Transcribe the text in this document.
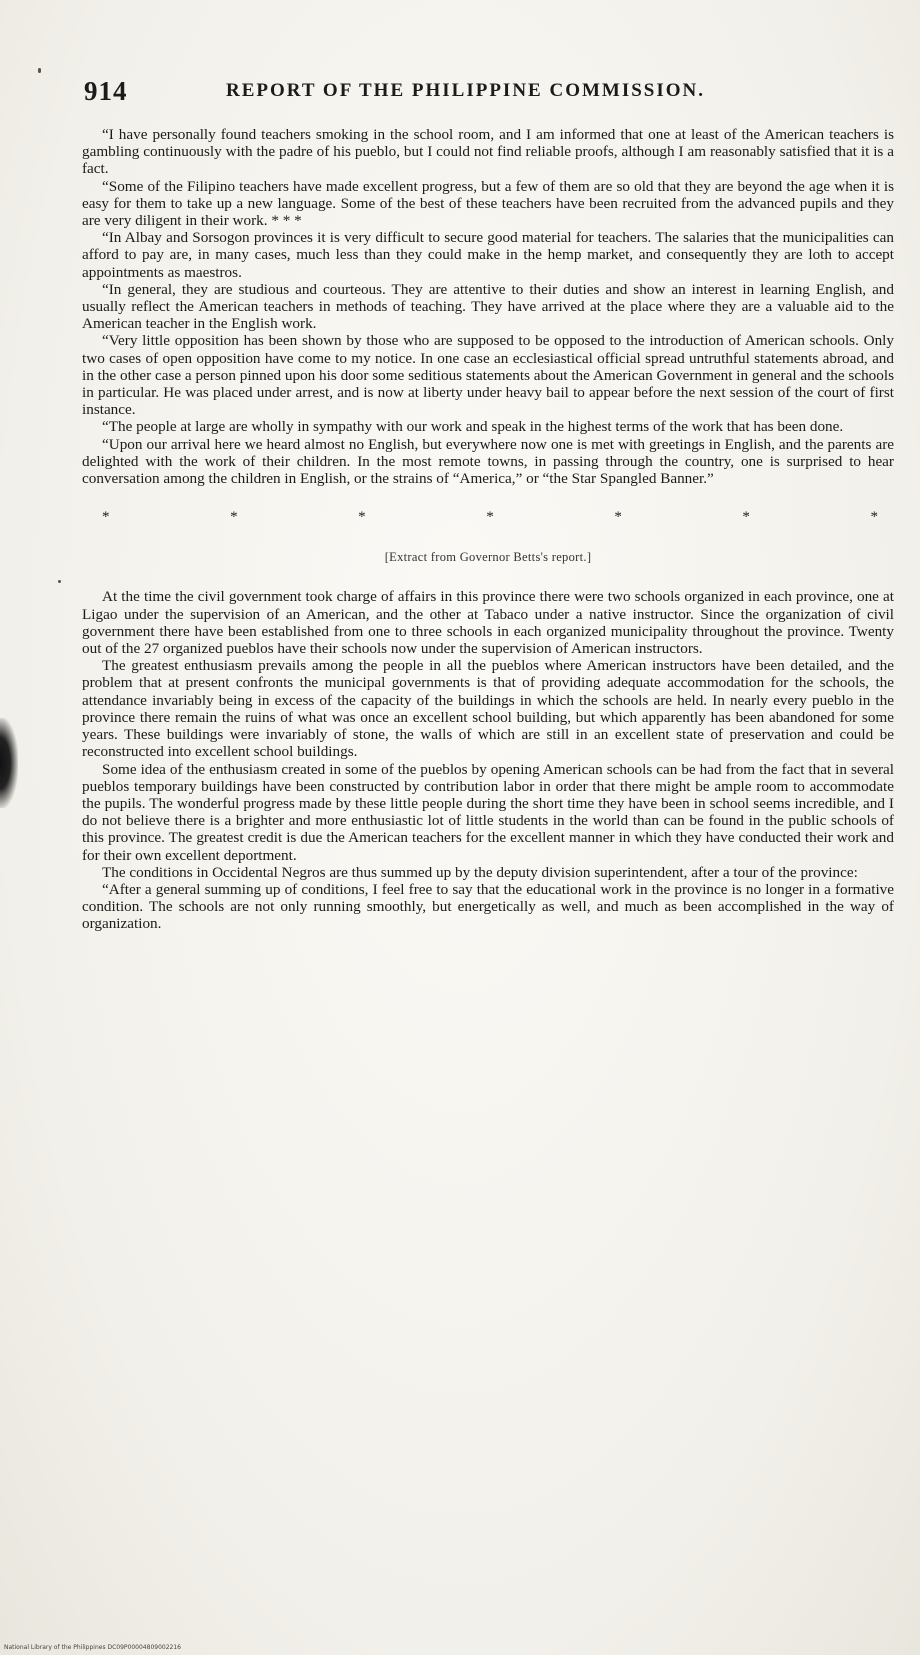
914	REPORT OF THE PHILIPPINE COMMISSION.

“I have personally found teachers smoking in the school room, and I am informed that one at least of the American teachers is gambling continuously with the padre of his pueblo, but I could not find reliable proofs, although I am reasonably satisfied that it is a fact.

“Some of the Filipino teachers have made excellent progress, but a few of them are so old that they are beyond the age when it is easy for them to take up a new language. Some of the best of these teachers have been recruited from the advanced pupils and they are very diligent in their work. * * *

“In Albay and Sorsogon provinces it is very difficult to secure good material for teachers. The salaries that the municipalities can afford to pay are, in many cases, much less than they could make in the hemp market, and consequently they are loth to accept appointments as maestros.

“In general, they are studious and courteous. They are attentive to their duties and show an interest in learning English, and usually reflect the American teachers in methods of teaching. They have arrived at the place where they are a valuable aid to the American teacher in the English work.

“Very little opposition has been shown by those who are supposed to be opposed to the introduction of American schools. Only two cases of open opposition have come to my notice. In one case an ecclesiastical official spread untruthful statements abroad, and in the other case a person pinned upon his door some seditious statements about the American Government in general and the schools in particular. He was placed under arrest, and is now at liberty under heavy bail to appear before the next session of the court of first instance.

“The people at large are wholly in sympathy with our work and speak in the highest terms of the work that has been done.

“Upon our arrival here we heard almost no English, but everywhere now one is met with greetings in English, and the parents are delighted with the work of their children. In the most remote towns, in passing through the country, one is surprised to hear conversation among the children in English, or the strains of “America,” or “the Star Spangled Banner.”

*	*	*	*	*	*	*
[Extract from Governor Betts's report.]

At the time the civil government took charge of affairs in this province there were two schools organized in each province, one at Ligao under the supervision of an American, and the other at Tabaco under a native instructor. Since the organization of civil government there have been established from one to three schools in each organized municipality throughout the province. Twenty out of the 27 organized pueblos have their schools now under the supervision of American instructors.

The greatest enthusiasm prevails among the people in all the pueblos where American instructors have been detailed, and the problem that at present confronts the municipal governments is that of providing adequate accommodation for the schools, the attendance invariably being in excess of the capacity of the buildings in which the schools are held. In nearly every pueblo in the province there remain the ruins of what was once an excellent school building, but which apparently has been abandoned for some years. These buildings were invariably of stone, the walls of which are still in an excellent state of preservation and could be reconstructed into excellent school buildings.

Some idea of the enthusiasm created in some of the pueblos by opening American schools can be had from the fact that in several pueblos temporary buildings have been constructed by contribution labor in order that there might be ample room to accommodate the pupils. The wonderful progress made by these little people during the short time they have been in school seems incredible, and I do not believe there is a brighter and more enthusiastic lot of little students in the world than can be found in the public schools of this province. The greatest credit is due the American teachers for the excellent manner in which they have conducted their work and for their own excellent deportment.

The conditions in Occidental Negros are thus summed up by the deputy division superintendent, after a tour of the province:

“After a general summing up of conditions, I feel free to say that the educational work in the province is no longer in a formative condition. The schools are not only running smoothly, but energetically as well, and much as been accomplished in the way of organization.

National Library of the Philippines DC09P00004809002216
